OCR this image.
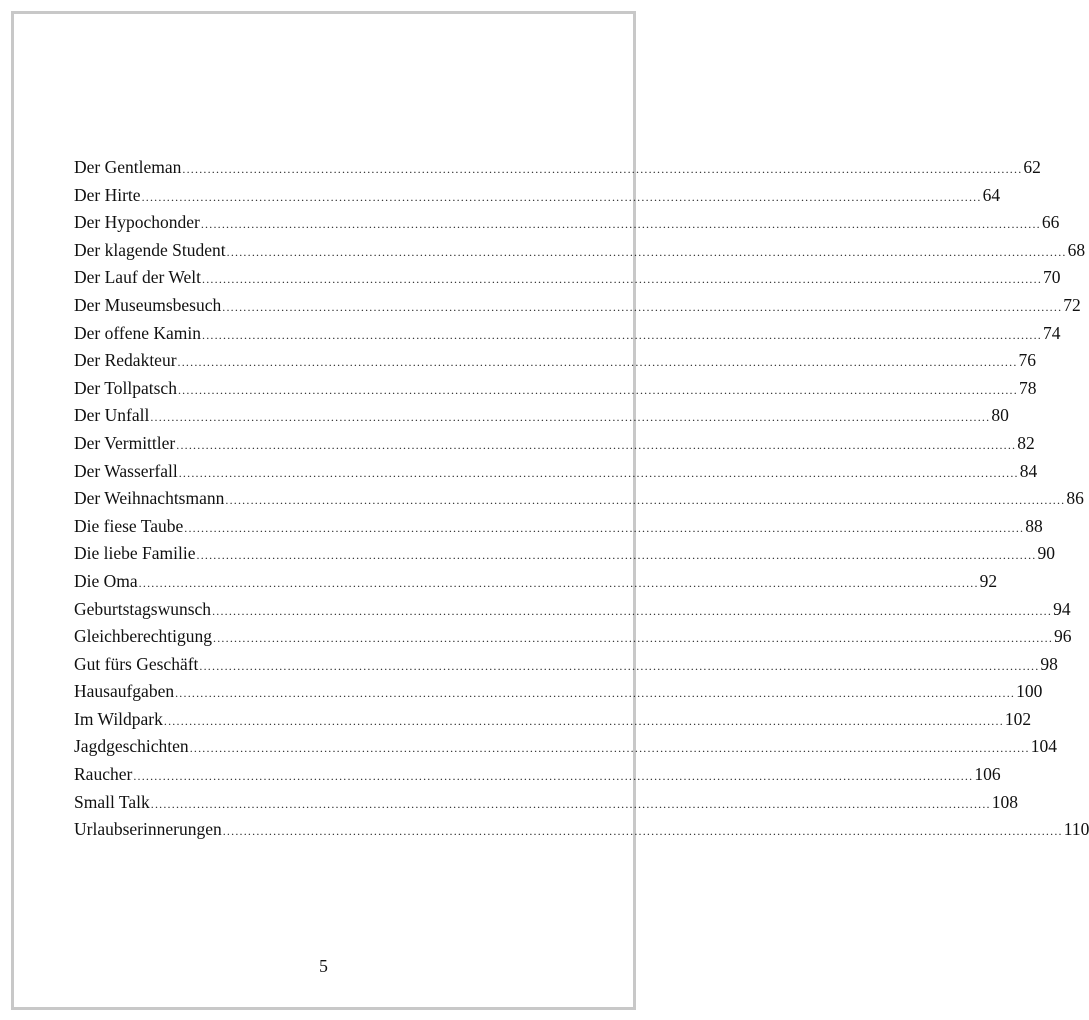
Der Gentleman ........................................................................................................................................................................................................ 62
Der Hirte ........................................................................................................................................................................................................ 64
Der Hypochonder ........................................................................................................................................................................................................ 66
Der klagende Student ........................................................................................................................................................................................................ 68
Der Lauf der Welt ........................................................................................................................................................................................................ 70
Der Museumsbesuch ........................................................................................................................................................................................................ 72
Der offene Kamin ........................................................................................................................................................................................................ 74
Der Redakteur ........................................................................................................................................................................................................ 76
Der Tollpatsch ........................................................................................................................................................................................................ 78
Der Unfall ........................................................................................................................................................................................................ 80
Der Vermittler ........................................................................................................................................................................................................ 82
Der Wasserfall ........................................................................................................................................................................................................ 84
Der Weihnachtsmann ........................................................................................................................................................................................................ 86
Die fiese Taube ........................................................................................................................................................................................................ 88
Die liebe Familie ........................................................................................................................................................................................................ 90
Die Oma ........................................................................................................................................................................................................ 92
Geburtstagswunsch ........................................................................................................................................................................................................ 94
Gleichberechtigung ........................................................................................................................................................................................................ 96
Gut fürs Geschäft ........................................................................................................................................................................................................ 98
Hausaufgaben ........................................................................................................................................................................................................ 100
Im Wildpark ........................................................................................................................................................................................................ 102
Jagdgeschichten ........................................................................................................................................................................................................ 104
Raucher ........................................................................................................................................................................................................ 106
Small Talk ........................................................................................................................................................................................................ 108
Urlaubserinnerungen ........................................................................................................................................................................................................ 110
5
